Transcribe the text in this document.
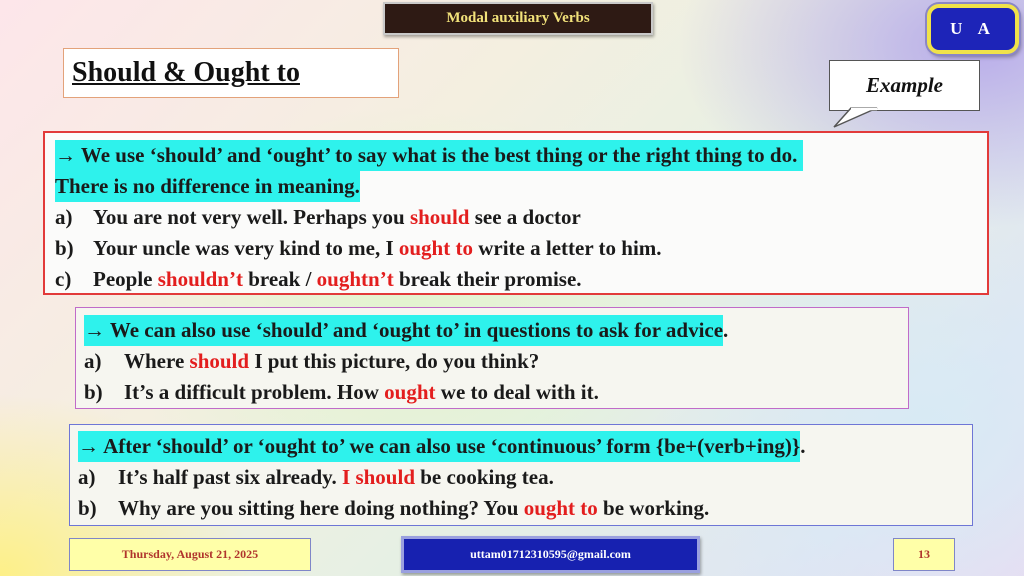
Modal auxiliary Verbs
U A
Should & Ought to	Example
→ We use ‘should’ and ‘ought’ to say what is the best thing or the right thing to do.
There is no difference in meaning.
a) You are not very well. Perhaps you should see a doctor
b) Your uncle was very kind to me, I ought to write a letter to him.
c)	People shouldn’t break / oughtn’t break their promise.
→ We can also use ‘should’ and ‘ought to’ in questions to ask for advice .
a)	Where should I put this picture, do you think?
b)	It’s a difficult problem. How ought we to deal with it.
→ After ‘should’ or ‘ought to’ we can also use ‘continuous’ form {be+(verb+ing)} .
a)	It’s half past six already. I should be cooking tea.
b)	Why are you sitting here doing nothing? You ought to be working.
Thursday, August 21, 2025	uttam01712310595@gmail.com	13
